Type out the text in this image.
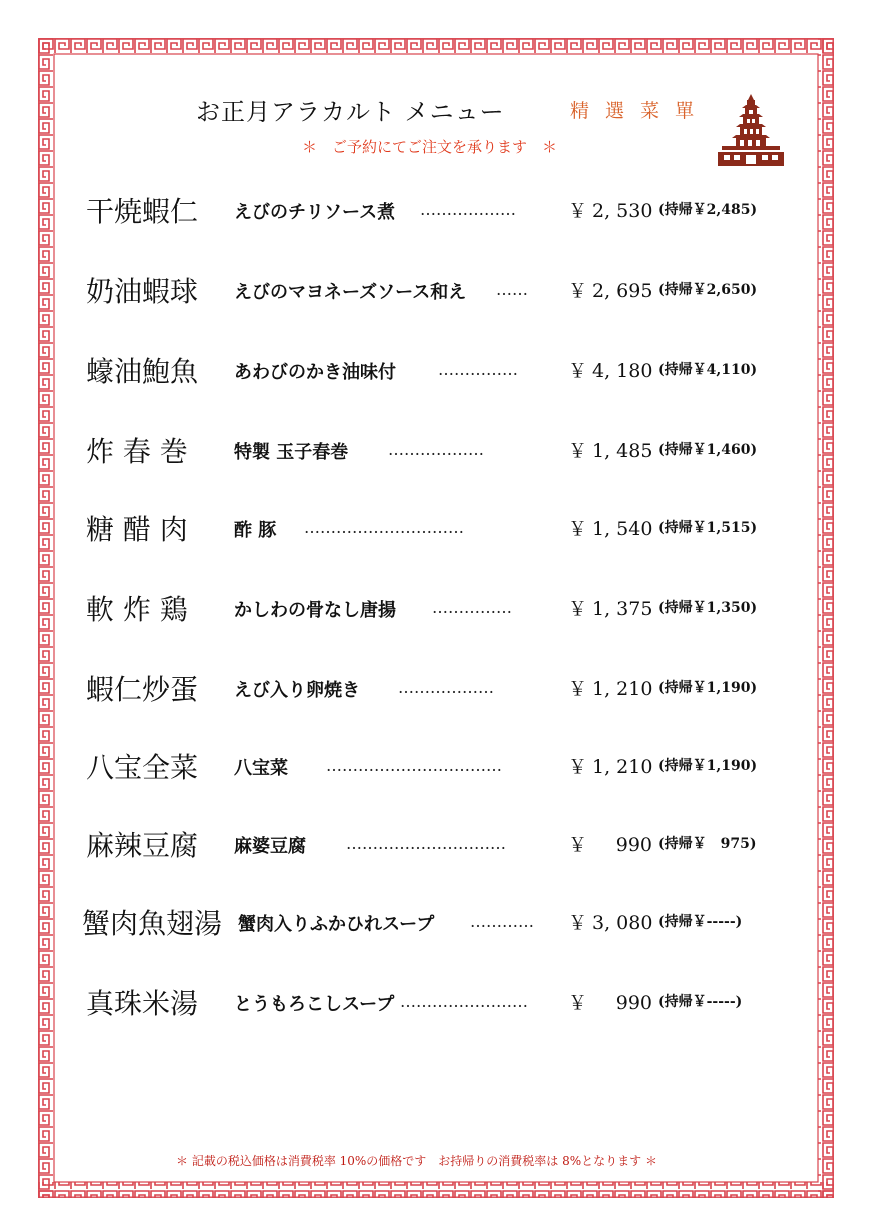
お正月アラカルト メニュー	精 選 菜 單
＊　ご予約にてご注文を承ります　＊
干焼蝦仁 えびのチリソース煮 ………………	￥ 2, 530 (持帰￥2,485)
奶油蝦球 えびのマヨネーズソース和え …… ￥ 2, 695 (持帰￥2,650)
蠔油鮑魚 あわびのかき油味付	……………	￥ 4, 180 (持帰￥4,110)
炸 春 巻	特製 玉子春巻 ………………	￥ 1, 485 (持帰￥1,460)
糖 醋 肉	酢 豚 …………………………	￥ 1, 540 (持帰￥1,515)
軟 炸 鶏	かしわの骨なし唐揚 ……………	￥ 1, 375 (持帰￥1,350)
蝦仁炒蛋 えび入り卵焼き ………………	￥ 1, 210 (持帰￥1,190)
八宝全菜 八宝菜 ……………………………	￥ 1, 210 (持帰￥1,190)
麻辣豆腐 麻婆豆腐	…………………………	￥ 990 (持帰￥　975)
蟹肉魚翅湯 蟹肉入りふかひれスープ ………… ￥ 3, 080 (持帰￥-----)
真珠米湯 とうもろこしスープ …………………… ￥ 990 (持帰￥-----)
＊ 記載の税込価格は消費税率 10%の価格です　お持帰りの消費税率は 8%となります ＊
